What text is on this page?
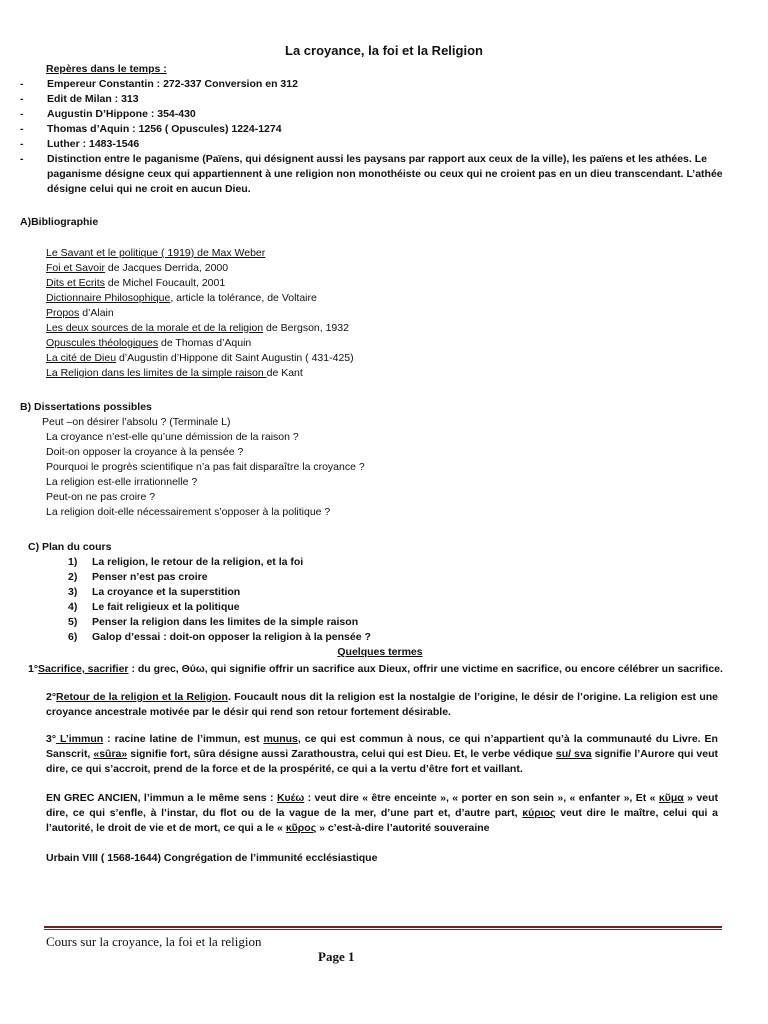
La croyance, la foi et la Religion
Repères dans le temps :
- Empereur Constantin : 272-337 Conversion en 312
- Edit de Milan : 313
- Augustin D’Hippone : 354-430
- Thomas d’Aquin : 1256 ( Opuscules) 1224-1274
- Luther : 1483-1546
- Distinction entre le paganisme (Païens, qui désignent aussi les paysans par rapport aux ceux de la ville), les païens et les athées. Le paganisme désigne ceux qui appartiennent à une religion non monothéiste ou ceux qui ne croient pas en un dieu transcendant. L’athée désigne celui qui ne croit en aucun Dieu.
A)Bibliographie
Le Savant et le politique ( 1919) de Max Weber
Foi et Savoir de Jacques Derrida, 2000
Dits et Ecrits de Michel Foucault, 2001
Dictionnaire Philosophique, article la tolérance, de Voltaire
Propos d’Alain
Les deux sources de la morale et de la religion de Bergson, 1932
Opuscules théologiques de Thomas d’Aquin
La cité de Dieu d’Augustin d’Hippone dit Saint Augustin ( 431-425)
La Religion dans les limites de la simple raison de Kant
B) Dissertations possibles
Peut –on désirer l’absolu ? (Terminale L)
La croyance n’est-elle qu’une démission de la raison ?
Doit-on opposer la croyance à la pensée ?
Pourquoi le progrès scientifique n’a pas fait disparaître la croyance ?
La religion est-elle irrationnelle ?
Peut-on ne pas croire ?
La religion doit-elle nécessairement s’opposer à la politique ?
C) Plan du cours
1) La religion, le retour de la religion, et la foi
2) Penser n’est pas croire
3) La croyance et la superstition
4) Le fait religieux et la politique
5) Penser la religion dans les limites de la simple raison
6) Galop d’essai : doit-on opposer la religion à la pensée ?
Quelques termes
1°Sacrifice, sacrifier : du grec, Θύω, qui signifie offrir un sacrifice aux Dieux, offrir une victime en sacrifice, ou encore célébrer un sacrifice.
2°Retour de la religion et la Religion. Foucault nous dit la religion est la nostalgie de l’origine, le désir de l’origine. La religion est une croyance ancestrale motivée par le désir qui rend son retour fortement désirable.
3° L’immun : racine latine de l’immun, est munus, ce qui est commun à nous, ce qui n’appartient qu’à la communauté du Livre. En Sanscrit, «sûra» signifie fort, sûra désigne aussi Zarathoustra, celui qui est Dieu. Et, le verbe védique su/ sva signifie l’Aurore qui veut dire, ce qui s’accroit, prend de la force et de la prospérité, ce qui a la vertu d’être fort et vaillant.
EN GREC ANCIEN, l’immun a le même sens : Kυέω : veut dire « être enceinte », « porter en son sein », « enfanter », Et « κῦμα » veut dire, ce qui s’enfle, à l’instar, du flot ou de la vague de la mer, d’une part et, d’autre part, κύριος veut dire le maître, celui qui a l’autorité, le droit de vie et de mort, ce qui a le « κῦρος » c’est-à-dire l’autorité souveraine
Urbain VIII ( 1568-1644) Congrégation de l’immunité ecclésiastique
Cours sur la croyance, la foi et la religion
Page 1
